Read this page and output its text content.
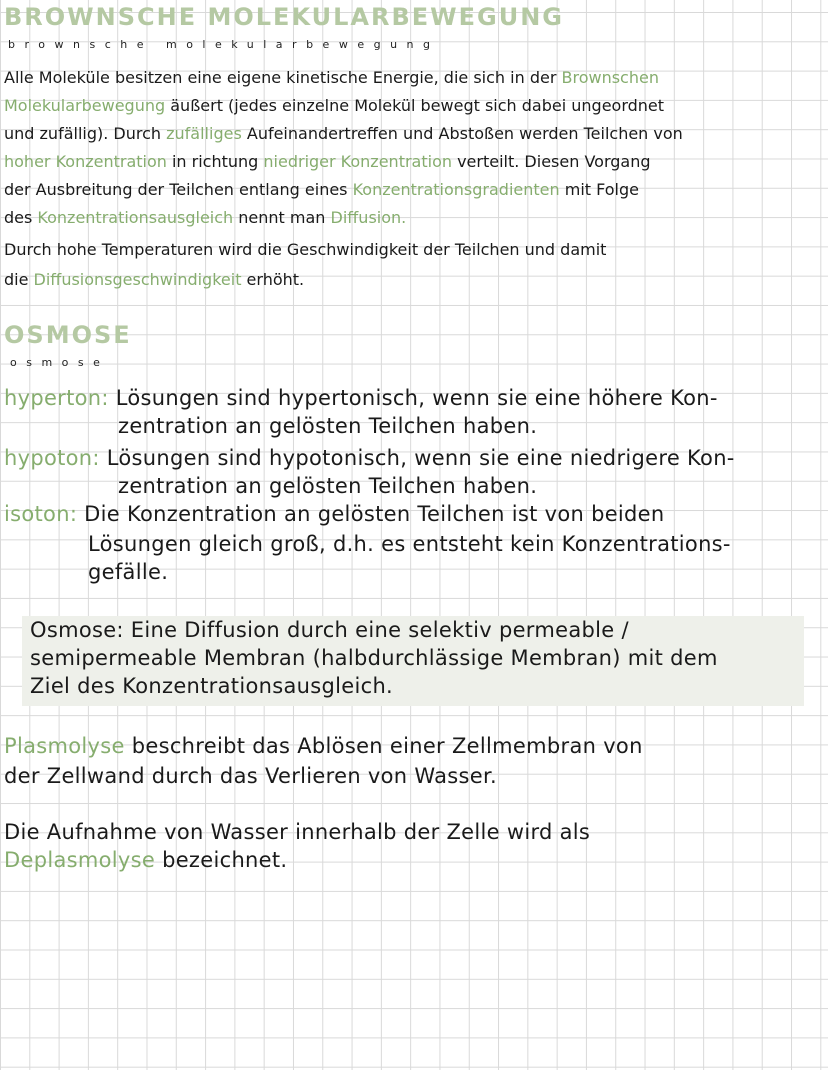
BROWNSCHE MOLEKULARBEWEGUNG
brownsche molekularbewegung
OSMOSE
osmose
Alle Moleküle besitzen eine eigene kinetische Energie, die sich in der Brownschen
Molekularbewegung äußert (jedes einzelne Molekül bewegt sich dabei ungeordnet
und zufällig). Durch zufälliges Aufeinandertreffen und Abstoßen werden Teilchen von
hoher Konzentration in richtung niedriger Konzentration verteilt. Diesen Vorgang
der Ausbreitung der Teilchen entlang eines Konzentrationsgradienten mit Folge
des Konzentrationsausgleich nennt man Diffusion.
Durch hohe Temperaturen wird die Geschwindigkeit der Teilchen und damit
die Diffusionsgeschwindigkeit erhöht.
hyperton: Lösungen sind hypertonisch, wenn sie eine höhere Kon-
zentration an gelösten Teilchen haben.
hypoton: Lösungen sind hypotonisch, wenn sie eine niedrigere Kon-
zentration an gelösten Teilchen haben.
isoton: Die Konzentration an gelösten Teilchen ist von beiden
Lösungen gleich groß, d.h. es entsteht kein Konzentrations-
gefälle.
Osmose: Eine Diffusion durch eine selektiv permeable /
semipermeable Membran (halbdurchlässige Membran) mit dem
Ziel des Konzentrationsausgleich.
Plasmolyse beschreibt das Ablösen einer Zellmembran von
der Zellwand durch das Verlieren von Wasser.
Die Aufnahme von Wasser innerhalb der Zelle wird als
Deplasmolyse bezeichnet.
